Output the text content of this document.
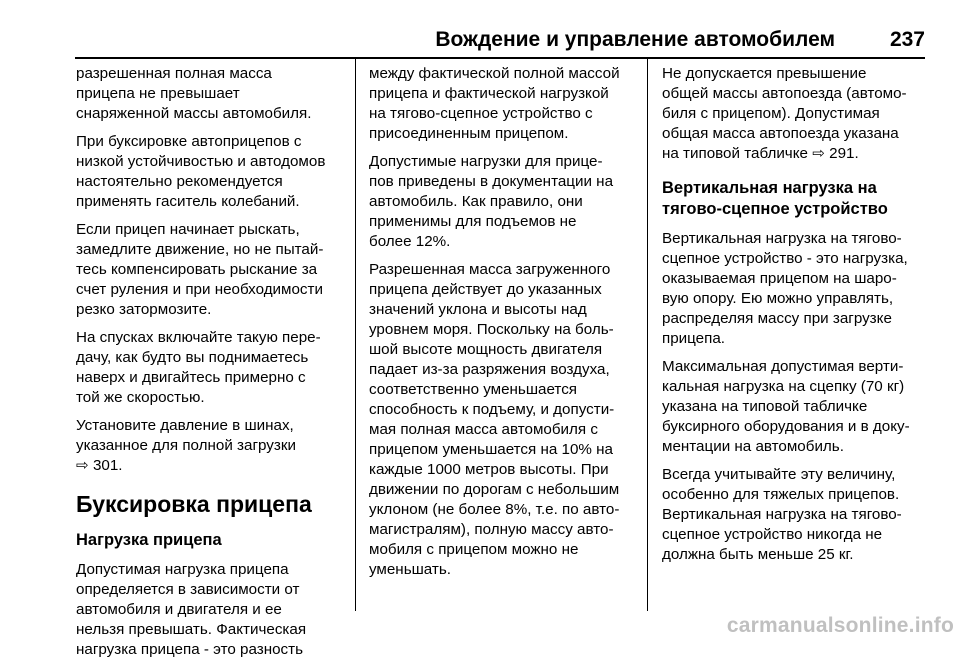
Вождение и управление автомобилем	237
разрешенная полная масса
прицепа не превышает
снаряженной массы автомобиля.
При буксировке автоприцепов с
низкой устойчивостью и автодомов
настоятельно рекомендуется
применять гаситель колебаний.
Если прицеп начинает рыскать,
замедлите движение, но не пытай‐
тесь компенсировать рыскание за
счет руления и при необходимости
резко затормозите.
На спусках включайте такую пере‐
дачу, как будто вы поднимаетесь
наверх и двигайтесь примерно с
той же скоростью.
Установите давление в шинах,
указанное для полной загрузки
⇨ 301.
Буксировка прицепа
Нагрузка прицепа
Допустимая нагрузка прицепа
определяется в зависимости от
автомобиля и двигателя и ее
нельзя превышать. Фактическая
нагрузка прицепа - это разность
между фактической полной массой
прицепа и фактической нагрузкой
на тягово-сцепное устройство с
присоединенным прицепом.
Допустимые нагрузки для прице‐
пов приведены в документации на
автомобиль. Как правило, они
применимы для подъемов не
более 12%.
Разрешенная масса загруженного
прицепа действует до указанных
значений уклона и высоты над
уровнем моря. Поскольку на боль‐
шой высоте мощность двигателя
падает из-за разряжения воздуха,
соответственно уменьшается
способность к подъему, и допусти‐
мая полная масса автомобиля с
прицепом уменьшается на 10% на
каждые 1000 метров высоты. При
движении по дорогам с небольшим
уклоном (не более 8%, т.е. по авто‐
магистралям), полную массу авто‐
мобиля с прицепом можно не
уменьшать.
Не допускается превышение
общей массы автопоезда (автомо‐
биля с прицепом). Допустимая
общая масса автопоезда указана
на типовой табличке ⇨ 291.
Вертикальная нагрузка на
тягово-сцепное устройство
Вертикальная нагрузка на тягово-
сцепное устройство - это нагрузка,
оказываемая прицепом на шаро‐
вую опору. Ею можно управлять,
распределяя массу при загрузке
прицепа.
Максимальная допустимая верти‐
кальная нагрузка на сцепку (70 кг)
указана на типовой табличке
буксирного оборудования и в доку‐
ментации на автомобиль.
Всегда учитывайте эту величину,
особенно для тяжелых прицепов.
Вертикальная нагрузка на тягово-
сцепное устройство никогда не
должна быть меньше 25 кг.
carmanualsonline.info
